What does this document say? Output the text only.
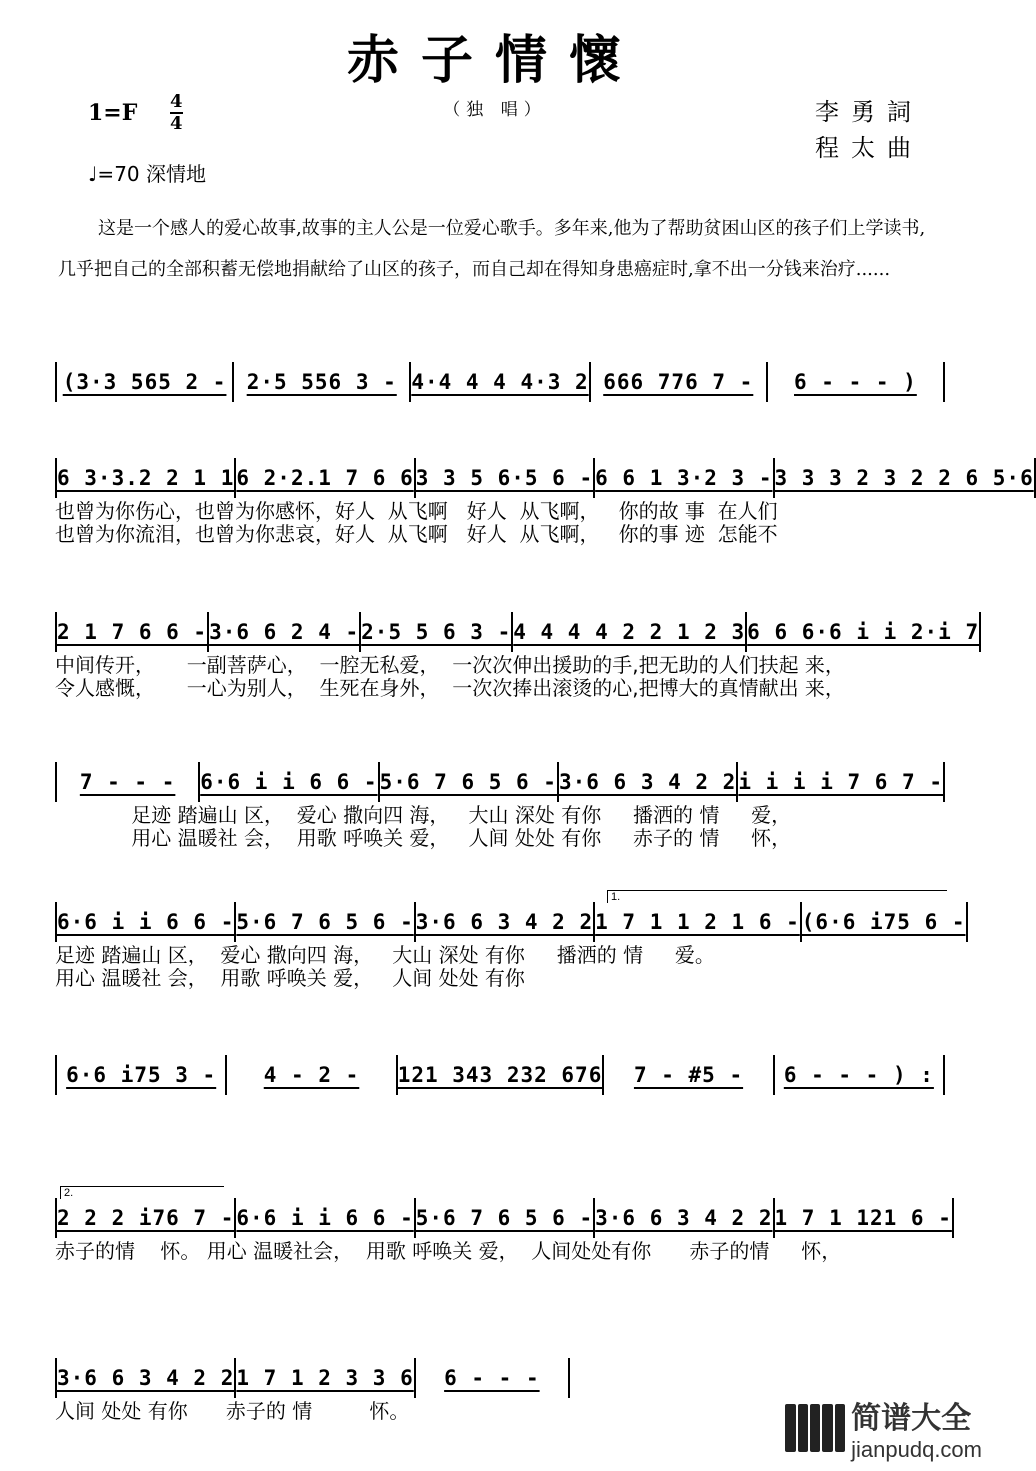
赤子情懷
（独 唱）
1=F 4
4
♩=70 深情地
李勇詞
程太曲
这是一个感人的爱心故事,故事的主人公是一位爱心歌手。多年来,他为了帮助贫困山区的孩子们上学读书,几乎把自己的全部积蓄无偿地捐献给了山区的孩子，而自己却在得知身患癌症时,拿不出一分钱来治疗......
(3·3 565 2 - 2·5 556 3 - 4·4 4 4 4·3 2 666 776 7 -	6 - - - )
6 3·3.2 2 1 1 6 2·2.1 7 6 6 3 3 5 6·5 6 - 6 6 1 3·2 3 - 3 3 3 2 3 2 2 6 5·6
也曾为你伤心，也曾为你感怀，好人  从飞啊   好人  从飞啊，   你的故 事  在人们
也曾为你流泪，也曾为你悲哀，好人  从飞啊   好人  从飞啊，   你的事 迹  怎能不
2 1 7 6 6 - 3·6 6 2 4 - 2·5 5 6 3 - 4 4 4 4 2 2 1 2 3 6 6 6·6 i i 2·i 7
中间传开，     一副菩萨心，  一腔无私爱，  一次次伸出援助的手,把无助的人们扶起 来，
令人感慨，     一心为别人，  生死在身外，  一次次捧出滚烫的心,把博大的真情献出 来，
7 - - -	6·6 i i 6 6 - 5·6 7 6 5 6 - 3·6 6 3 4 2 2 i i i i 7 6 7 -
足迹 踏遍山 区，  爱心 撒向四 海，   大山 深处 有你     播洒的 情     爱，
用心 温暖社 会，  用歌 呼唤关 爱，   人间 处处 有你     赤子的 情     怀，
6·6 i i 6 6 - 5·6 7 6 5 6 - 3·6 6 3 4 2 2 1 7 1 1 2 1 6 - (6·6 i75 6 -
1.
足迹 踏遍山 区，  爱心 撒向四 海，   大山 深处 有你     播洒的 情     爱。
用心 温暖社 会，  用歌 呼唤关 爱，   人间 处处 有你
6·6 i75 3 -	4 - 2 -	121 343 232 676	7 - #5 -	6 - - - ) :
2 2 2 i76 7 - 6·6 i i 6 6 - 5·6 7 6 5 6 - 3·6 6 3 4 2 2 1 7 1 121 6 -
2.
赤子的情    怀。 用心 温暖社会，  用歌 呼唤关 爱，  人间处处有你      赤子的情     怀，
3·6 6 3 4 2 2 1 7 1 2 3 3 6	6 - - -
人间 处处 有你      赤子的 情         怀。	简谱大全
jianpudq.com
